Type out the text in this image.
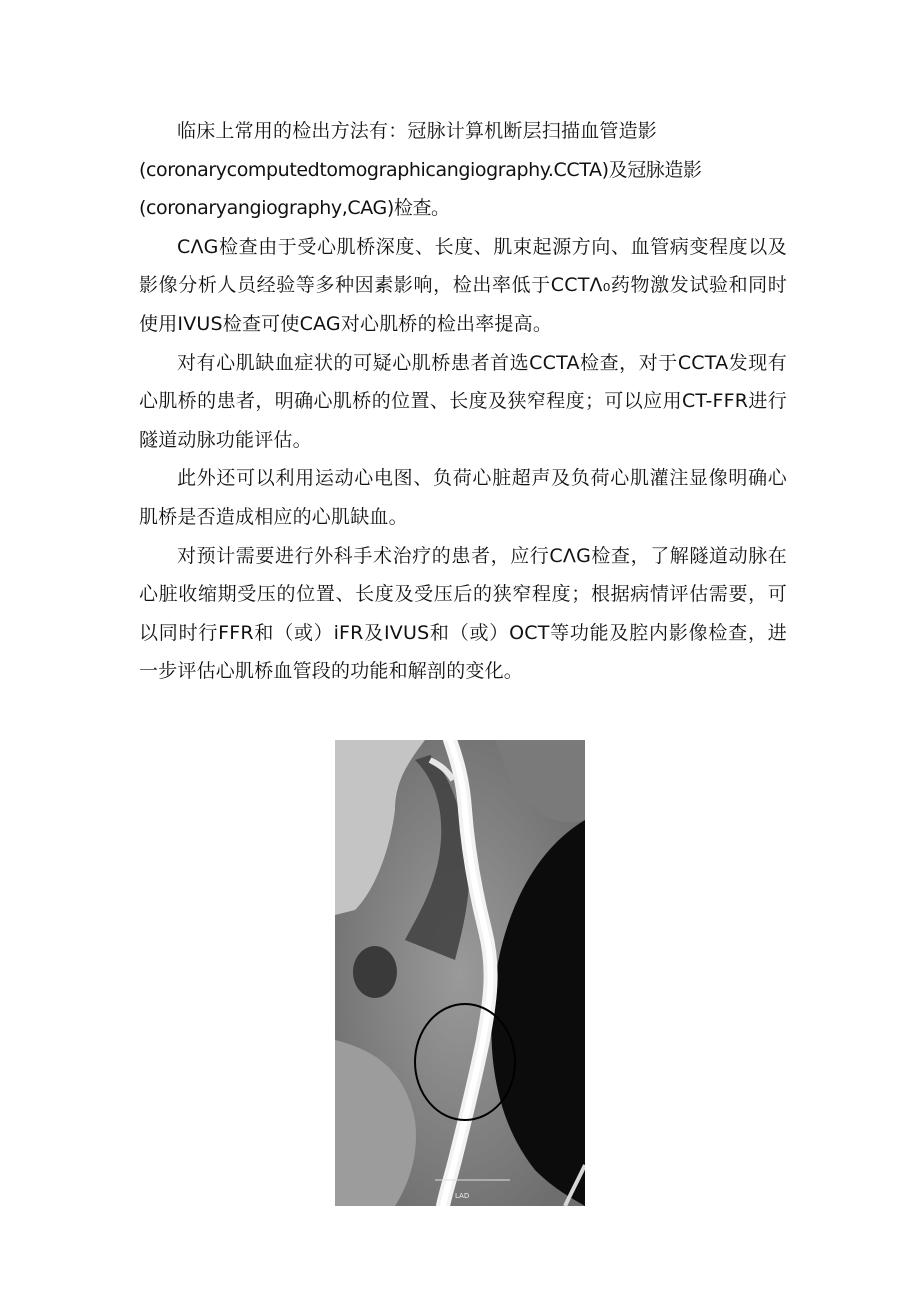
临床上常用的检出方法有：冠脉计算机断层扫描血管造影

(coronarycomputedtomographicangiography.CCTA)及冠脉造影

(coronaryangiography,CAG)检查。

CΛG检查由于受心肌桥深度、长度、肌束起源方向、血管病变程度以及影像分析人员经验等多种因素影响，检出率低于CCTΛ₀药物激发试验和同时使用IVUS检查可使CAG对心肌桥的检出率提高。

对有心肌缺血症状的可疑心肌桥患者首选CCTA检查，对于CCTA发现有心肌桥的患者，明确心肌桥的位置、长度及狭窄程度；可以应用CT-FFR进行隧道动脉功能评估。

此外还可以利用运动心电图、负荷心脏超声及负荷心肌灌注显像明确心肌桥是否造成相应的心肌缺血。

对预计需要进行外科手术治疗的患者，应行CΛG检查，了解隧道动脉在心脏收缩期受压的位置、长度及受压后的狭窄程度；根据病情评估需要，可以同时行FFR和（或）iFR及IVUS和（或）OCT等功能及腔内影像检查，进一步评估心肌桥血管段的功能和解剖的变化。

LAD
